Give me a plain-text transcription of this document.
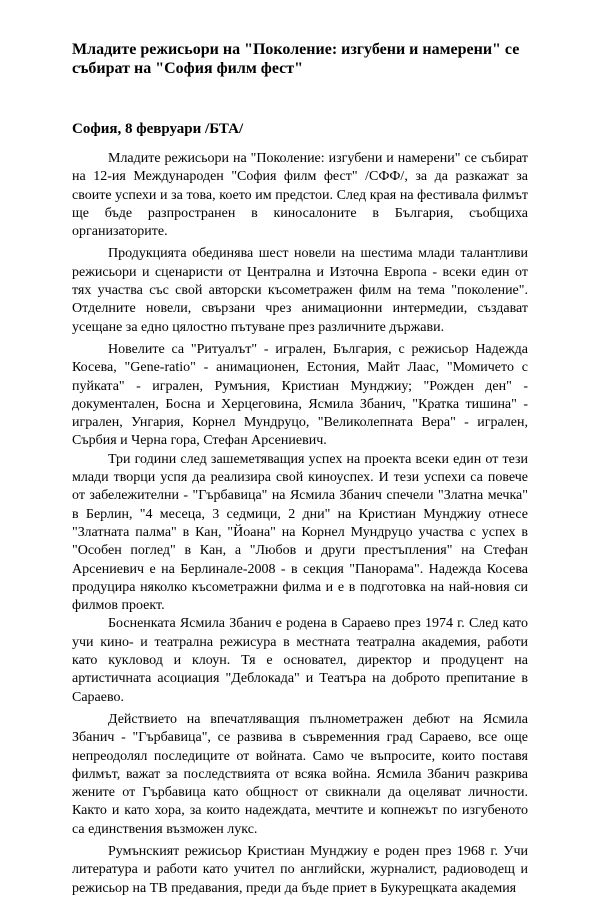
Младите режисьори на "Поколение: изгубени и намерени" се събират на "София филм фест"

София, 8 февруари /БТА/

Младите режисьори на "Поколение: изгубени и намерени" се събират на 12-ия Международен "София филм фест" /СФФ/, за да разкажат за своите успехи и за това, което им предстои. След края на фестивала филмът ще бъде разпространен в киносалоните в България, съобщиха организаторите.

Продукцията обединява шест новели на шестима млади талантливи режисьори и сценаристи от Централна и Източна Европа - всеки един от тях участва със свой авторски късометражен филм на тема "поколение". Отделните новели, свързани чрез анимационни интермедии, създават усещане за едно цялостно пътуване през различните държави.

Новелите са "Ритуалът" - игрален, България, с режисьор Надежда Косева, "Gene-ratio" - анимационен, Естония, Майт Лаас, "Момичето с пуйката" - игрален, Румъния, Кристиан Мунджиу; "Рожден ден" - документален, Босна и Херцеговина, Ясмила Збанич, "Кратка тишина" - игрален, Унгария, Корнел Мундруцо, "Великолепната Вера" - игрален, Сърбия и Черна гора, Стефан Арсениевич.

Три години след зашеметяващия успех на проекта всеки един от тези млади творци успя да реализира свой киноуспех. И тези успехи са повече от забележителни - "Гърбавица" на Ясмила Збанич спечели "Златна мечка" в Берлин, "4 месеца, 3 седмици, 2 дни" на Кристиан Мунджиу отнесе "Златната палма" в Кан, "Йоана" на Корнел Мундруцо участва с успех в "Особен поглед" в Кан, а "Любов и други престъпления" на Стефан Арсениевич е на Берлинале-2008 - в секция "Панорама". Надежда Косева продуцира няколко късометражни филма и е в подготовка на най-новия си филмов проект.

Босненката Ясмила Збанич е родена в Сараево през 1974 г. След като учи кино- и театрална режисура в местната театрална академия, работи като кукловод и клоун. Тя е основател, директор и продуцент на артистичната асоциация "Деблокада" и Театъра на доброто препитание в Сараево.

Действието на впечатляващия пълнометражен дебют на Ясмила Збанич - "Гърбавица", се развива в съвременния град Сараево, все още непреодолял последиците от войната. Само че въпросите, които поставя филмът, важат за последствията от всяка война. Ясмила Збанич разкрива жените от Гърбавица като общност от свикнали да оцеляват личности. Както и като хора, за които надеждата, мечтите и копнежът по изгубеното са единствения възможен лукс.

Румънският режисьор Кристиан Мунджиу е роден през 1968 г. Учи литература и работи като учител по английски, журналист, радиоводещ и режисьор на ТВ предавания, преди да бъде приет в Букурещката академия
